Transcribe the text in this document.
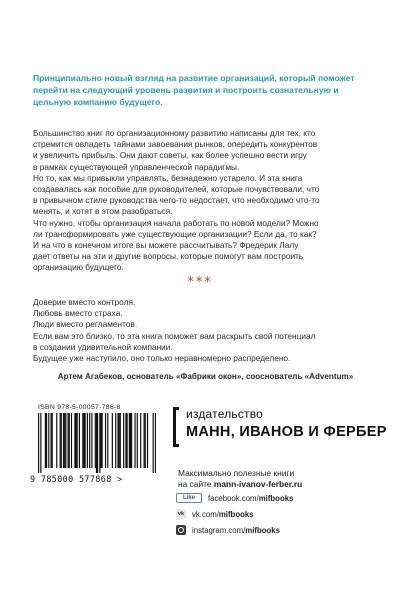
Принципиально новый взгляд на развитие организаций, который поможет перейти на следующий уровень развития и построить сознательную и цельную компанию будущего.

Большинство книг по организационному развитию написаны для тех, кто
стремится овладеть тайнами завоевания рынков, опередить конкурентов
и увеличить прибыль. Они дают советы, как более успешно вести игру
в рамках существующей управленческой парадигмы.
Но то, как мы привыкли управлять, безнадежно устарело. И эта книга
создавалась как пособие для руководителей, которые почувствовали, что
в привычном стиле руководства чего-то недостает, что необходимо что-то
менять, и хотят в этом разобраться.
Что нужно, чтобы организация начала работать по новой модели? Можно
ли трансформировать уже существующие организации? Если да, то как?
И на что в конечном итоге вы можете рассчитывать? Фредерик Лалу
дает ответы на эти и другие вопросы, которые помогут вам построить
организацию будущего.
***
Доверие вместо контроля.
Любовь вместо страха.
Люди вместо регламентов.
Если вам это близко, то эта книга поможет вам раскрыть свой потенциал
в создании удивительной компании.
Будущее уже наступило, оно только неравномерно распределено.
Артем Агабеков, основатель «Фабрики окон», сооснователь «Adventum»
ISBN 978-5-00057-786-8
9 785000 577868 >
издательство
МАНН, ИВАНОВ И ФЕРБЕР
Максимально полезные книги
на сайте mann-ivanov-ferber.ru
Like	facebook.com/mifbooks
vk vk.com/mifbooks
instagram.com/mifbooks
